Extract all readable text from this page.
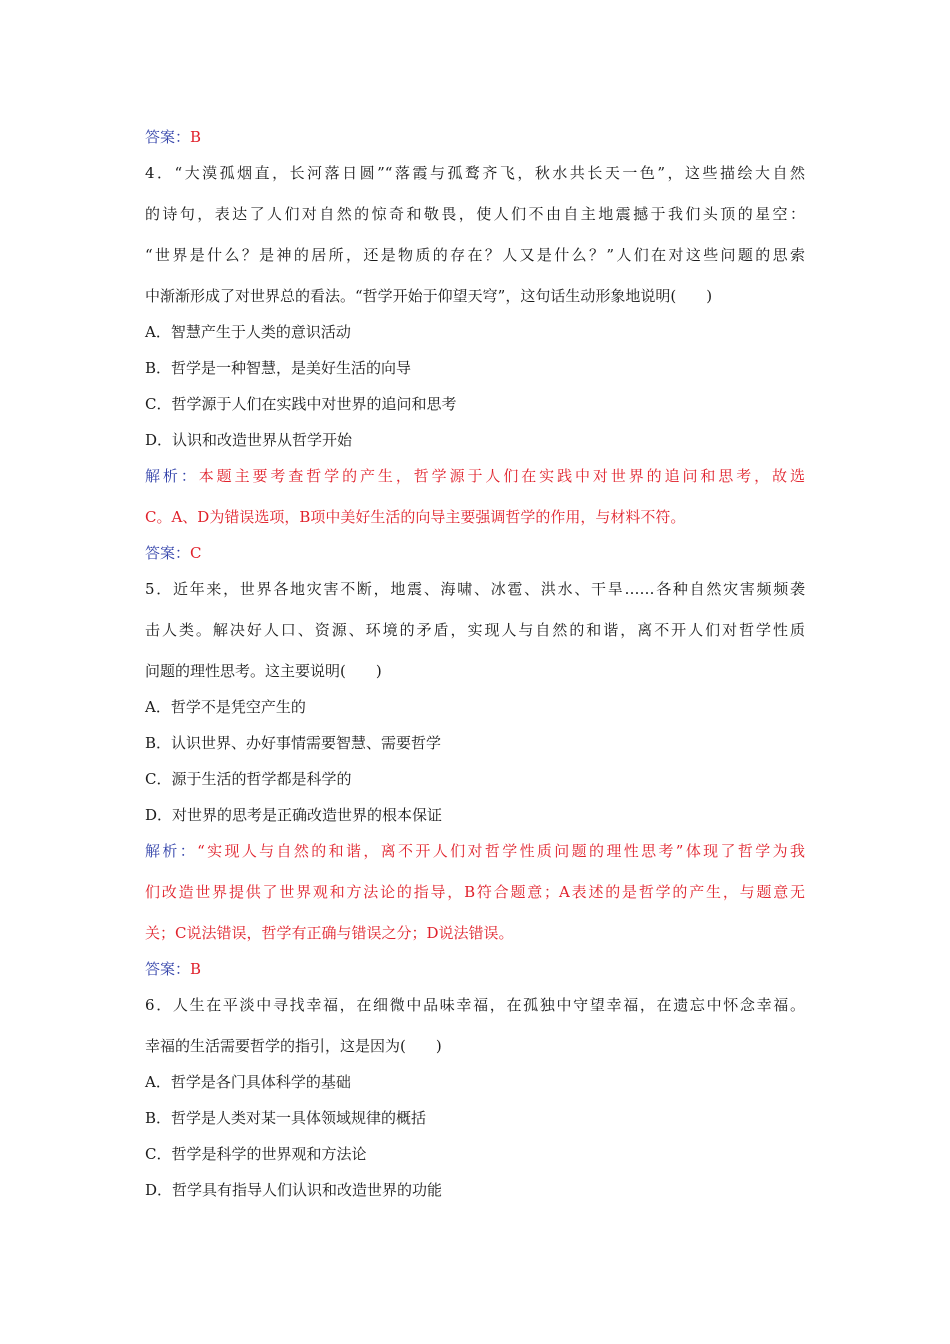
答案：B
4．“大漠孤烟直，长河落日圆”“落霞与孤鹜齐飞，秋水共长天一色”，这些描绘大自然
的诗句，表达了人们对自然的惊奇和敬畏，使人们不由自主地震撼于我们头顶的星空：
“世界是什么？是神的居所，还是物质的存在？人又是什么？”人们在对这些问题的思索
中渐渐形成了对世界总的看法。“哲学开始于仰望天穹”，这句话生动形象地说明(　　)
A．智慧产生于人类的意识活动
B．哲学是一种智慧，是美好生活的向导
C．哲学源于人们在实践中对世界的追问和思考
D．认识和改造世界从哲学开始
解析：本题主要考查哲学的产生，哲学源于人们在实践中对世界的追问和思考，故选
C。A、D为错误选项，B项中美好生活的向导主要强调哲学的作用，与材料不符。
答案：C
5．近年来，世界各地灾害不断，地震、海啸、冰雹、洪水、干旱……各种自然灾害频频袭
击人类。解决好人口、资源、环境的矛盾，实现人与自然的和谐，离不开人们对哲学性质
问题的理性思考。这主要说明(　　)
A．哲学不是凭空产生的
B．认识世界、办好事情需要智慧、需要哲学
C．源于生活的哲学都是科学的
D．对世界的思考是正确改造世界的根本保证
解析：“实现人与自然的和谐，离不开人们对哲学性质问题的理性思考”体现了哲学为我
们改造世界提供了世界观和方法论的指导，B符合题意；A表述的是哲学的产生，与题意无
关；C说法错误，哲学有正确与错误之分；D说法错误。
答案：B
6．人生在平淡中寻找幸福，在细微中品味幸福，在孤独中守望幸福，在遗忘中怀念幸福。
幸福的生活需要哲学的指引，这是因为(　　)
A．哲学是各门具体科学的基础
B．哲学是人类对某一具体领域规律的概括
C．哲学是科学的世界观和方法论
D．哲学具有指导人们认识和改造世界的功能
